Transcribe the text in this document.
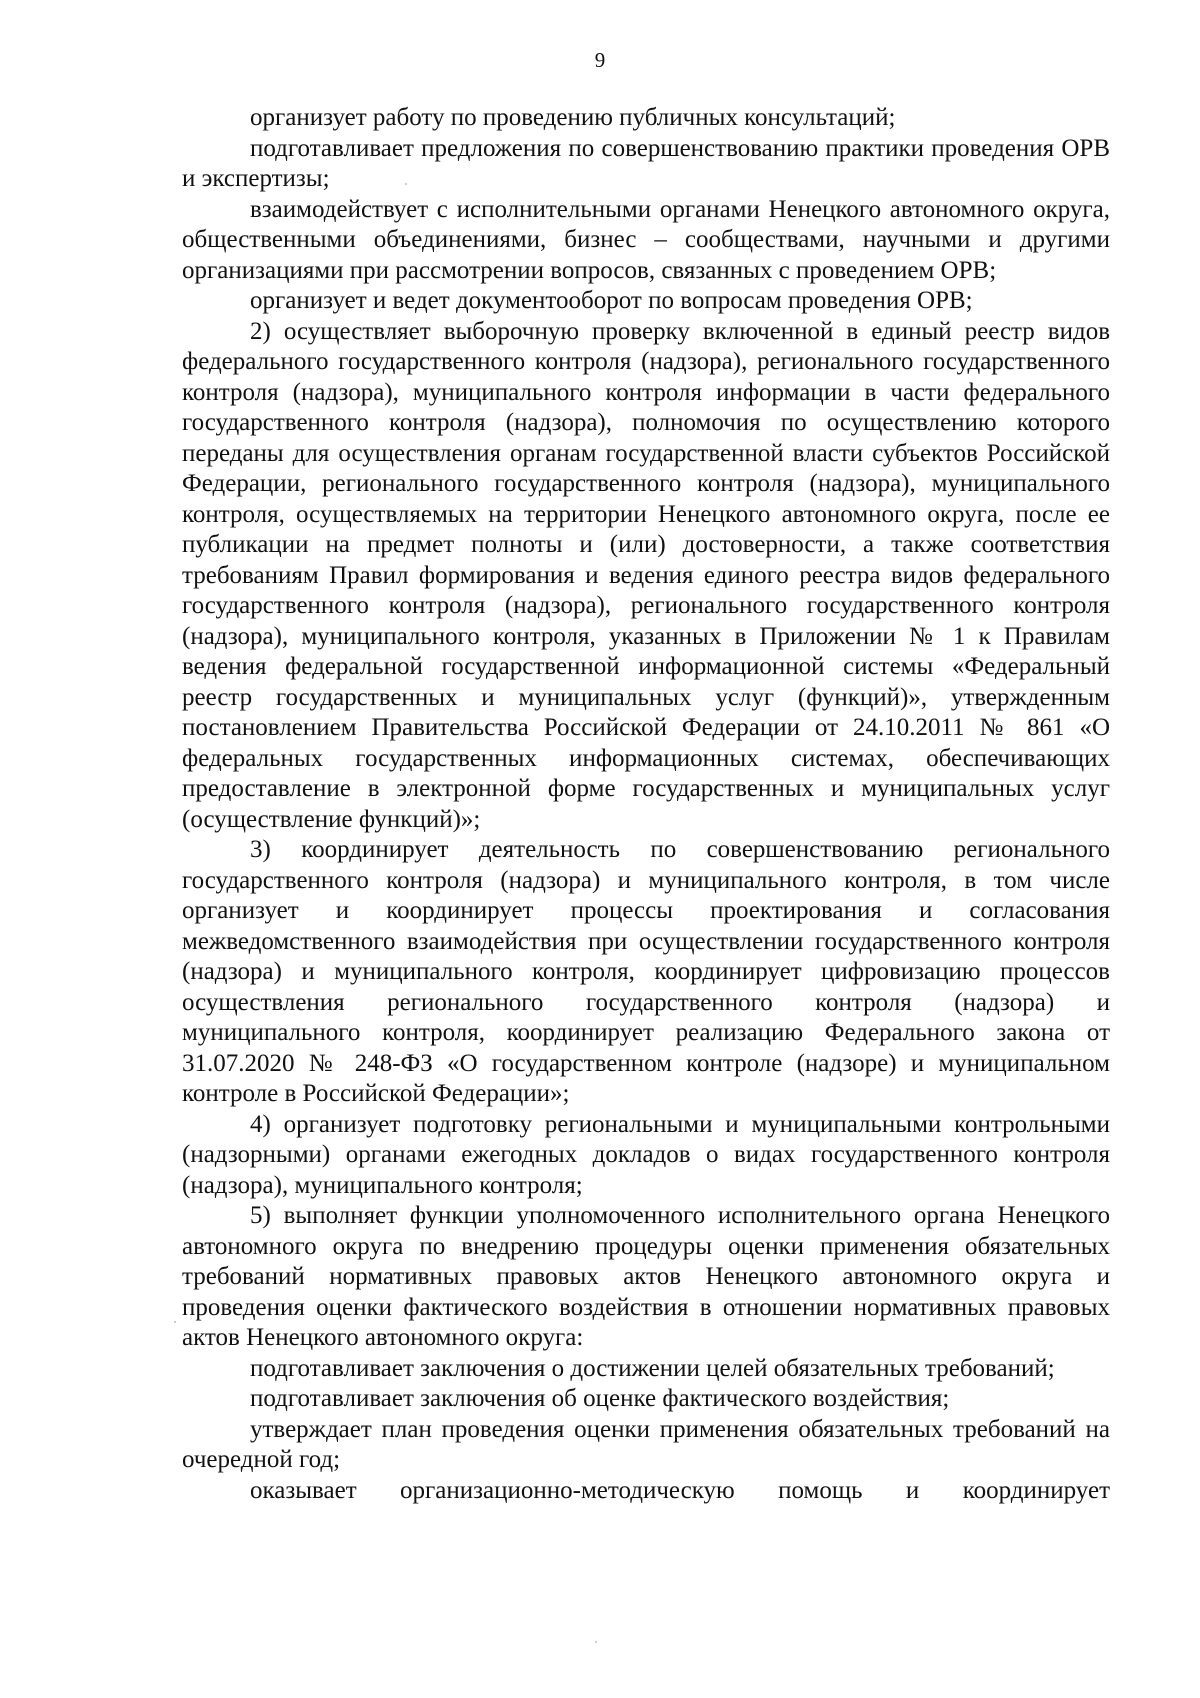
9

организует работу по проведению публичных консультаций;

подготавливает предложения по совершенствованию практики проведения ОРВ и экспертизы;

взаимодействует с исполнительными органами Ненецкого автономного округа, общественными объединениями, бизнес – сообществами, научными и другими организациями при рассмотрении вопросов, связанных с проведением ОРВ;

организует и ведет документооборот по вопросам проведения ОРВ;

2) осуществляет выборочную проверку включенной в единый реестр видов федерального государственного контроля (надзора), регионального государственного контроля (надзора), муниципального контроля информации в части федерального государственного контроля (надзора), полномочия по осуществлению которого переданы для осуществления органам государственной власти субъектов Российской Федерации, регионального государственного контроля (надзора), муниципального контроля, осуществляемых на территории Ненецкого автономного округа, после ее публикации на предмет полноты и (или) достоверности, а также соответствия требованиям Правил формирования и ведения единого реестра видов федерального государственного контроля (надзора), регионального государственного контроля (надзора), муниципального контроля, указанных в Приложении № 1 к Правилам ведения федеральной государственной информационной системы «Федеральный реестр государственных и муниципальных услуг (функций)», утвержденным постановлением Правительства Российской Федерации от 24.10.2011 № 861 «О федеральных государственных информационных системах, обеспечивающих предоставление в электронной форме государственных и муниципальных услуг (осуществление функций)»;

3) координирует деятельность по совершенствованию регионального государственного контроля (надзора) и муниципального контроля, в том числе организует и координирует процессы проектирования и согласования межведомственного взаимодействия при осуществлении государственного контроля (надзора) и муниципального контроля, координирует цифровизацию процессов осуществления регионального государственного контроля (надзора) и муниципального контроля, координирует реализацию Федерального закона от 31.07.2020 № 248-ФЗ «О государственном контроле (надзоре) и муниципальном контроле в Российской Федерации»;

4) организует подготовку региональными и муниципальными контрольными (надзорными) органами ежегодных докладов о видах государственного контроля (надзора), муниципального контроля;

5) выполняет функции уполномоченного исполнительного органа Ненецкого автономного округа по внедрению процедуры оценки применения обязательных требований нормативных правовых актов Ненецкого автономного округа и проведения оценки фактического воздействия в отношении нормативных правовых актов Ненецкого автономного округа:

подготавливает заключения о достижении целей обязательных требований;

подготавливает заключения об оценке фактического воздействия;

утверждает план проведения оценки применения обязательных требований на очередной год;

оказывает организационно-методическую помощь и координирует
